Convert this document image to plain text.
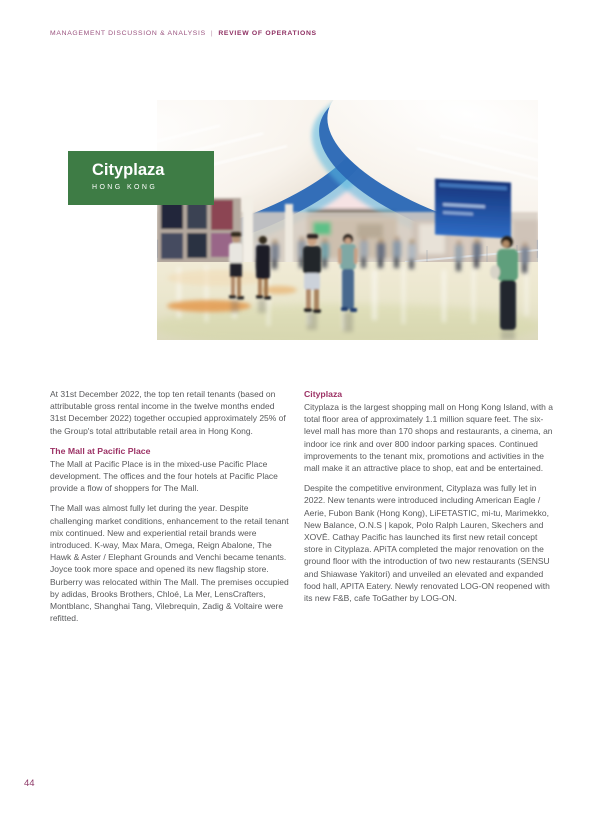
MANAGEMENT DISCUSSION & ANALYSIS | REVIEW OF OPERATIONS
Cityplaza
HONG KONG

At 31st December 2022, the top ten retail tenants (based on attributable gross rental income in the twelve months ended 31st December 2022) together occupied approximately 25% of the Group's total attributable retail area in Hong Kong.

The Mall at Pacific Place

The Mall at Pacific Place is in the mixed-use Pacific Place development. The offices and the four hotels at Pacific Place provide a flow of shoppers for The Mall.

The Mall was almost fully let during the year. Despite challenging market conditions, enhancement to the retail tenant mix continued. New and experiential retail brands were introduced. K-way, Max Mara, Omega, Reign Abalone, The Hawk & Aster / Elephant Grounds and Venchi became tenants. Joyce took more space and opened its new flagship store. Burberry was relocated within The Mall. The premises occupied by adidas, Brooks Brothers, Chloé, La Mer, LensCrafters, Montblanc, Shanghai Tang, Vilebrequin, Zadig & Voltaire were refitted.

Cityplaza

Cityplaza is the largest shopping mall on Hong Kong Island, with a total floor area of approximately 1.1 million square feet. The six-level mall has more than 170 shops and restaurants, a cinema, an indoor ice rink and over 800 indoor parking spaces. Continued improvements to the tenant mix, promotions and activities in the mall make it an attractive place to shop, eat and be entertained.

Despite the competitive environment, Cityplaza was fully let in 2022. New tenants were introduced including American Eagle / Aerie, Fubon Bank (Hong Kong), LiFETASTIC, mi-tu, Marimekko, New Balance, O.N.S | kapok, Polo Ralph Lauren, Skechers and XOVĒ. Cathay Pacific has launched its first new retail concept store in Cityplaza. APiTA completed the major renovation on the ground floor with the introduction of two new restaurants (SENSU and Shiawase Yakitori) and unveiled an elevated and expanded food hall, APITA Eatery. Newly renovated LOG-ON reopened with its new F&B, cafe ToGather by LOG-ON.

44
